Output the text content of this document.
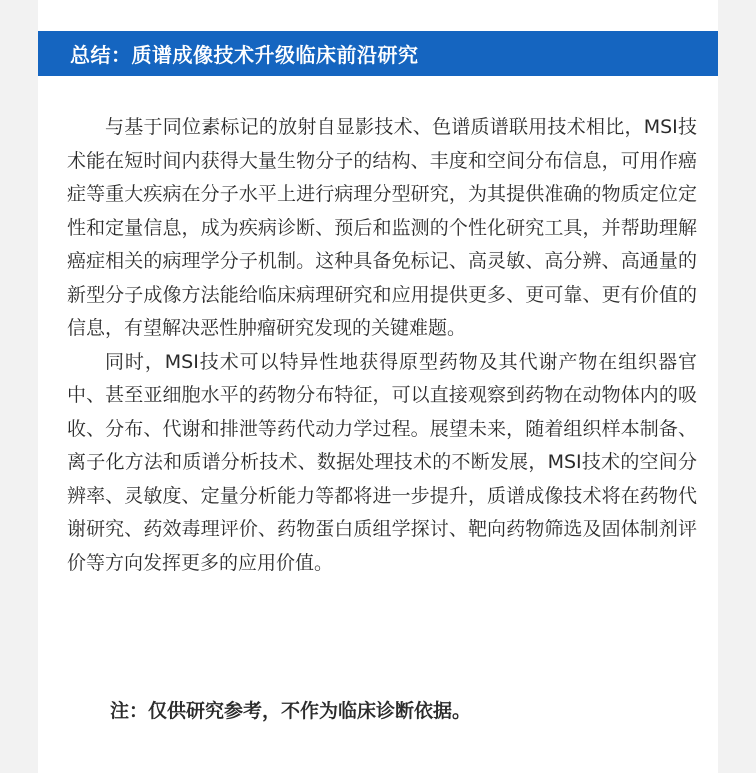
总结：质谱成像技术升级临床前沿研究

与基于同位素标记的放射自显影技术、色谱质谱联用技术相比，MSI技术能在短时间内获得大量生物分子的结构、丰度和空间分布信息，可用作癌症等重大疾病在分子水平上进行病理分型研究，为其提供准确的物质定位定性和定量信息，成为疾病诊断、预后和监测的个性化研究工具，并帮助理解癌症相关的病理学分子机制。这种具备免标记、高灵敏、高分辨、高通量的新型分子成像方法能给临床病理研究和应用提供更多、更可靠、更有价值的信息，有望解决恶性肿瘤研究发现的关键难题。

同时，MSI技术可以特异性地获得原型药物及其代谢产物在组织器官中、甚至亚细胞水平的药物分布特征，可以直接观察到药物在动物体内的吸收、分布、代谢和排泄等药代动力学过程。展望未来，随着组织样本制备、离子化方法和质谱分析技术、数据处理技术的不断发展，MSI技术的空间分辨率、灵敏度、定量分析能力等都将进一步提升，质谱成像技术将在药物代谢研究、药效毒理评价、药物蛋白质组学探讨、靶向药物筛选及固体制剂评价等方向发挥更多的应用价值。

注：仅供研究参考，不作为临床诊断依据。
